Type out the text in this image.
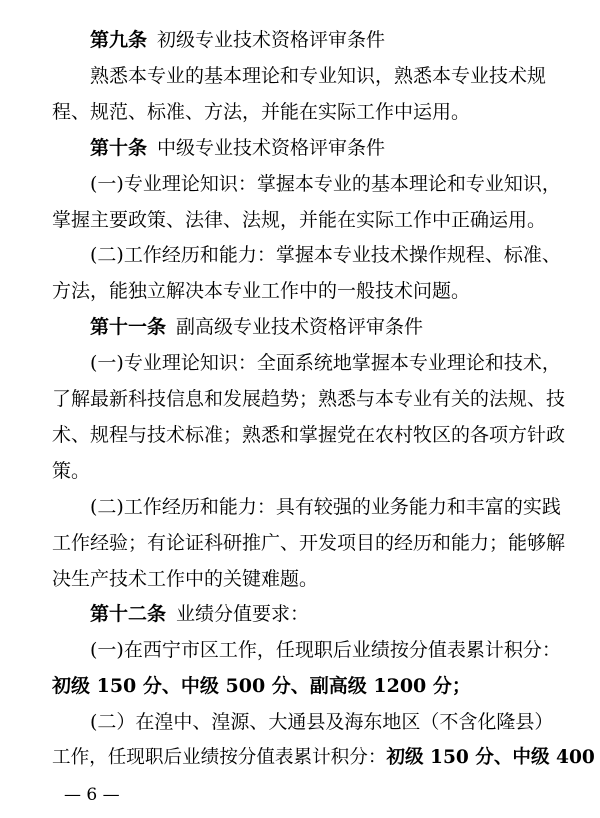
第九条 初级专业技术资格评审条件
熟悉本专业的基本理论和专业知识，熟悉本专业技术规
程、规范、标准、方法，并能在实际工作中运用。
第十条 中级专业技术资格评审条件
(一)专业理论知识：掌握本专业的基本理论和专业知识，
掌握主要政策、法律、法规，并能在实际工作中正确运用。
(二)工作经历和能力：掌握本专业技术操作规程、标准、
方法，能独立解决本专业工作中的一般技术问题。
第十一条 副高级专业技术资格评审条件
(一)专业理论知识：全面系统地掌握本专业理论和技术，
了解最新科技信息和发展趋势；熟悉与本专业有关的法规、技
术、规程与技术标准；熟悉和掌握党在农村牧区的各项方针政
策。
(二)工作经历和能力：具有较强的业务能力和丰富的实践
工作经验；有论证科研推广、开发项目的经历和能力；能够解
决生产技术工作中的关键难题。
第十二条 业绩分值要求：
(一)在西宁市区工作，任现职后业绩按分值表累计积分：
初级 150 分、中级 500 分、副高级 1200 分；
(二）在湟中、湟源、大通县及海东地区（不含化隆县）
工作，任现职后业绩按分值表累计积分：初级 150 分、中级 400
— 6 —
